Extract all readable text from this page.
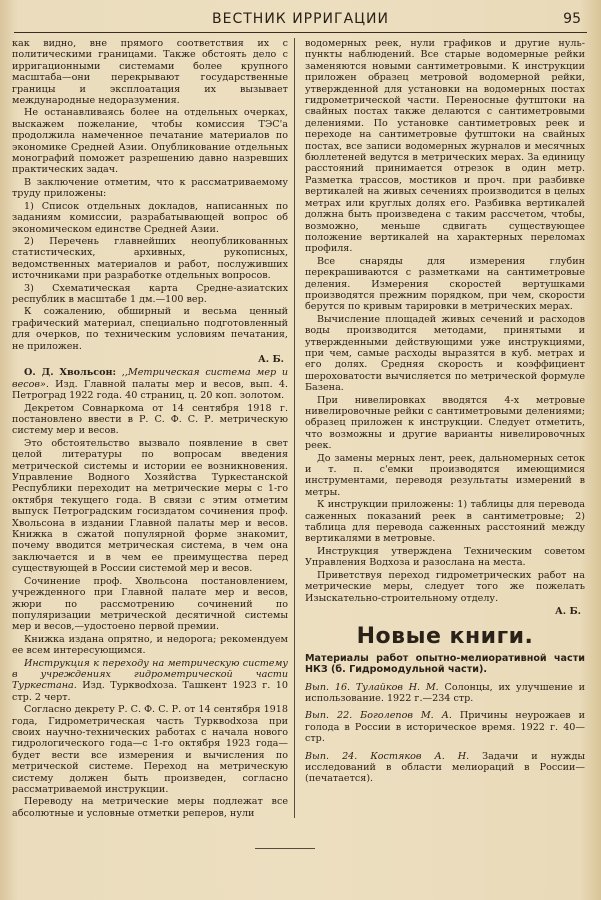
ВЕСТНИК ИРРИГАЦИИ	95

как видно, вне прямого соответствия их с политическими границами. Также обстоять дело с ирригационными системами более крупного масштаба—они перекрывают государственные границы и эксплоатация их вызывает международные недоразумения.

Не останавливаясь более на отдельных очерках, выскажем пожелание, чтобы комиссия ТЭС'а продолжила намеченное печатание материалов по экономике Средней Азии. Опубликование отдельных монографий поможет разрешению давно назревших практических задач.

В заключение отметим, что к рассматриваемому труду приложены:

1) Список отдельных докладов, написанных по заданиям комиссии, разрабатывающей вопрос об экономическом единстве Средней Азии.

2) Перечень главнейших неопубликованных статистических, архивных, рукописных, ведомственных материалов и работ, послуживших источниками при разработке отдельных вопросов.

3) Схематическая карта Средне-азиатских республик в масштабе 1 дм.—100 вер.

К сожалению, обширный и весьма ценный графический материал, специально подготовленный для очерков, по техническим условиям печатания, не приложен.

А. Б.

О. Д. Хвольсон: ,,Метрическая система мер и весов». Изд. Главной палаты мер и весов, вып. 4. Петроград 1922 года. 40 страниц, ц. 20 коп. золотом.

Декретом Совнаркома от 14 сентября 1918 г. постановлено ввести в Р. С. Ф. С. Р. метрическую систему мер и весов.

Это обстоятельство вызвало появление в свет целой литературы по вопросам введения метрической системы и истории ее возникновения. Управление Водного Хозяйства Туркестанской Республики переходит на метрические меры с 1-го октября текущего года. В связи с этим отметим выпуск Петроградским госиздатом сочинения проф. Хвольсона в издании Главной палаты мер и весов. Книжка в сжатой популярной форме знакомит, почему вводится метрическая система, в чем она заключается и в чем ее преимущества перед существующей в России системой мер и весов.

Сочинение проф. Хвольсона постановлением, учрежденного при Главной палате мер и весов, жюри по рассмотрению сочинений по популяризации метрической десятичной системы мер и весов,—удостоено первой премии.

Книжка издана опрятно, и недорога; рекомендуем ее всем интересующимся.

Инструкция к переходу на метрическую систему в учреждениях гидрометрической части Туркестана. Изд. Турквodхоза. Ташкент 1923 г. 10 стр. 2 черт.

Согласно декрету Р. С. Ф. С. Р. от 14 сентября 1918 года, Гидрометрическая часть Турквodхоза при своих научно-технических работах с начала нового гидрологического года—с 1-го октября 1923 года—будет вести все измерения и вычисления по метрической системе. Переход на метрическую систему должен быть произведен, согласно рассматриваемой инструкции.

Переводу на метрические меры подлежат все абсолютные и условные отметки реперов, нули

водомерных реек, нули графиков и другие нуль-пункты наблюдений. Все старые водомерные рейки заменяются новыми сантиметровыми. К инструкции приложен образец метровой водомерной рейки, утвержденной для установки на водомерных постах гидрометрической части. Переносные футштоки на свайных постах также делаются с сантиметровыми делениями. По установке сантиметровых реек и переходе на сантиметровые футштоки на свайных постах, все записи водомерных журналов и месячных бюллетеней ведутся в метрических мерах. За единицу расстояний принимается отрезок в один метр. Разметка трассов, мостиков и проч. при разбивке вертикалей на живых сечениях производится в целых метрах или круглых долях его. Разбивка вертикалей должна быть произведена с таким рассчетом, чтобы, возможно, меньше сдвигать существующее положение вертикалей на характерных переломах профиля.

Все снаряды для измерения глубин перекрашиваются с разметками на сантиметровые деления. Измерения скоростей вертушками производятся прежним порядком, при чем, скорости берутся по кривым тарировки в метрических мерах.

Вычисление площадей живых сечений и расходов воды производится методами, принятыми и утвержденными действующими уже инструкциями, при чем, самые расходы выразятся в куб. метрах и его долях. Средняя скорость и коэффициент шероховатости вычисляется по метрической формуле Базена.

При нивелировках вводятся 4-х метровые нивелировочные рейки с сантиметровыми делениями; образец приложен к инструкции. Следует отметить, что возможны и другие варианты нивелировочных реек.

До замены мерных лент, реек, дальномерных сеток и т. п. с'емки производятся имеющимися инструментами, переводя результаты измерений в метры.

К инструкции приложены: 1) таблицы для перевода саженных показаний реек в сантиметровые; 2) таблица для перевода саженных расстояний между вертикалями в метровые.

Инструкция утверждена Техническим советом Управления Водхоза и разослана на места.

Приветствуя переход гидрометрических работ на метрические меры, следует того же пожелать Изыскательно-строительному отделу.

А. Б.

Новые книги.

Материалы работ опытно-мелиоративной части НКЗ (б. Гидромодульной части).

Вып. 16. Тулайков Н. М. Солонцы, их улучшение и использование. 1922 г.—234 стр.

Вып. 22. Боголепов М. А. Причины неурожаев и голода в России в историческое время. 1922 г. 40—стр.

Вып. 24. Костяков А. Н. Задачи и нужды исследований в области мелиораций в России—(печатается).
